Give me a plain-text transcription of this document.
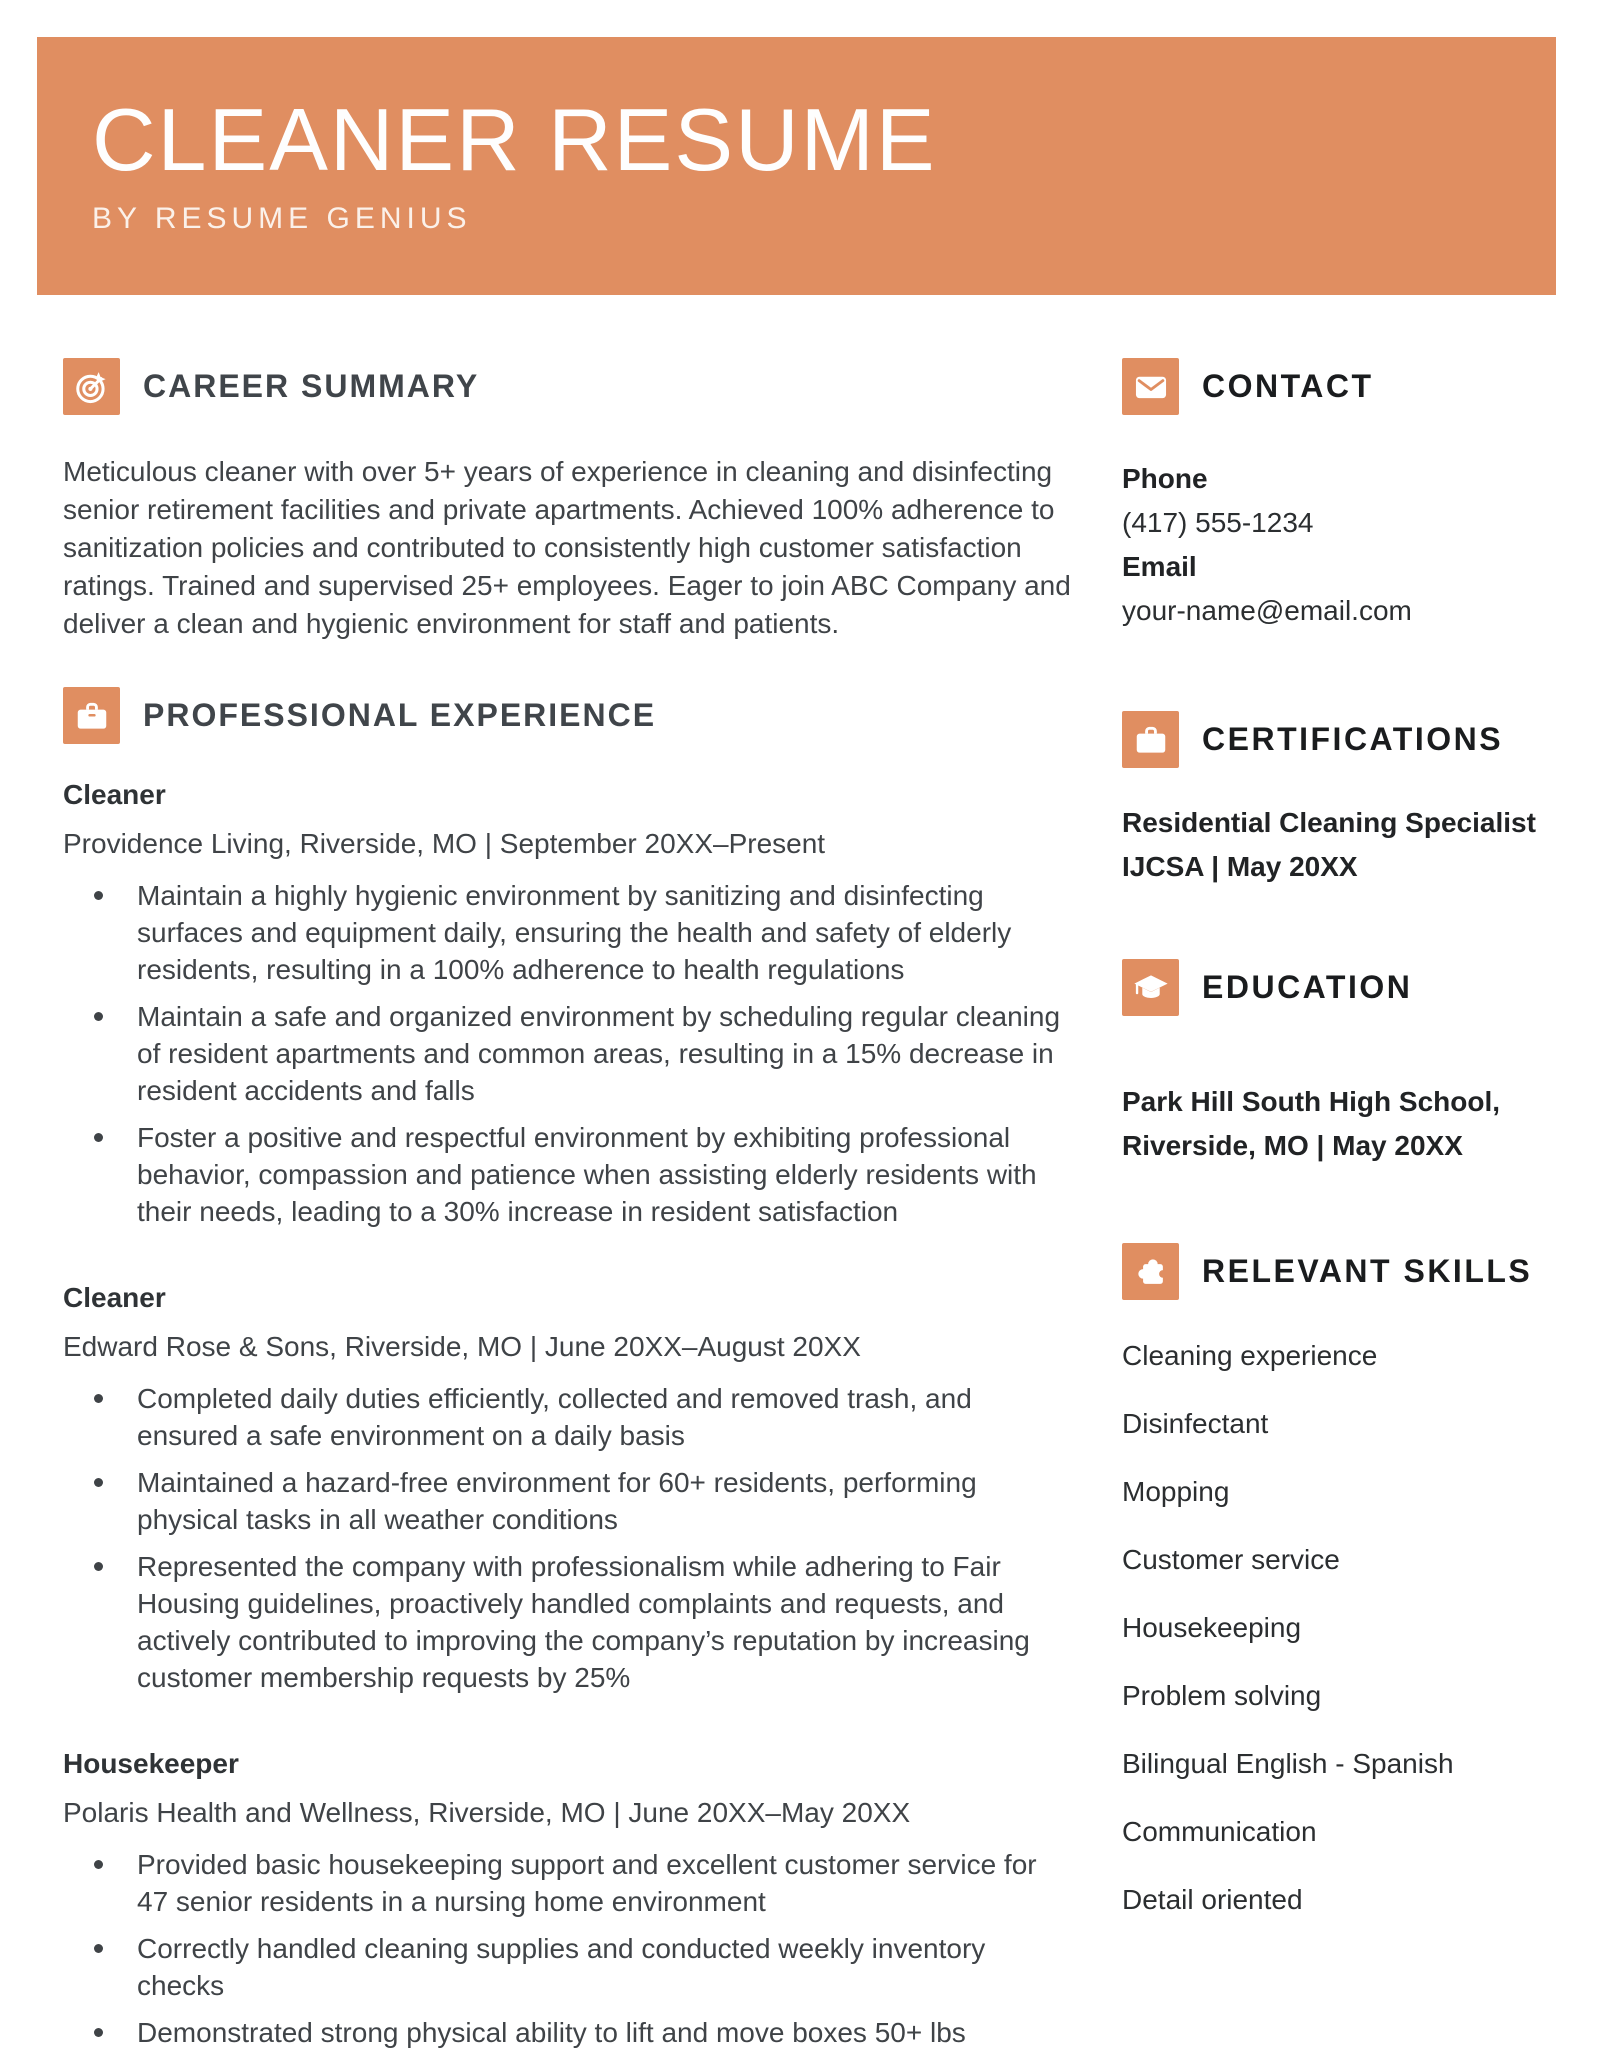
CLEANER RESUME
BY RESUME GENIUS
CAREER SUMMARY

Meticulous cleaner with over 5+ years of experience in cleaning and disinfecting senior retirement facilities and private apartments. Achieved 100% adherence to sanitization policies and contributed to consistently high customer satisfaction ratings. Trained and supervised 25+ employees. Eager to join ABC Company and deliver a clean and hygienic environment for staff and patients.

PROFESSIONAL EXPERIENCE
Cleaner
Providence Living, Riverside, MO | September 20XX–Present
Maintain a highly hygienic environment by sanitizing and disinfecting surfaces and equipment daily, ensuring the health and safety of elderly residents, resulting in a 100% adherence to health regulations
Maintain a safe and organized environment by scheduling regular cleaning of resident apartments and common areas, resulting in a 15% decrease in resident accidents and falls
Foster a positive and respectful environment by exhibiting professional behavior, compassion and patience when assisting elderly residents with their needs, leading to a 30% increase in resident satisfaction
Cleaner
Edward Rose & Sons, Riverside, MO | June 20XX–August 20XX
Completed daily duties efficiently, collected and removed trash, and ensured a safe environment on a daily basis
Maintained a hazard-free environment for 60+ residents, performing physical tasks in all weather conditions
Represented the company with professionalism while adhering to Fair Housing guidelines, proactively handled complaints and requests, and actively contributed to improving the company’s reputation by increasing customer membership requests by 25%
Housekeeper
Polaris Health and Wellness, Riverside, MO | June 20XX–May 20XX
Provided basic housekeeping support and excellent customer service for 47 senior residents in a nursing home environment
Correctly handled cleaning supplies and conducted weekly inventory checks
Demonstrated strong physical ability to lift and move boxes 50+ lbs
CONTACT

Phone

(417) 555-1234

Email

your-name@email.com

CERTIFICATIONS

Residential Cleaning Specialist

IJCSA | May 20XX

EDUCATION

Park Hill South High School,

Riverside, MO | May 20XX

RELEVANT SKILLS
Cleaning experience
Disinfectant
Mopping
Customer service
Housekeeping
Problem solving
Bilingual English - Spanish
Communication
Detail oriented
